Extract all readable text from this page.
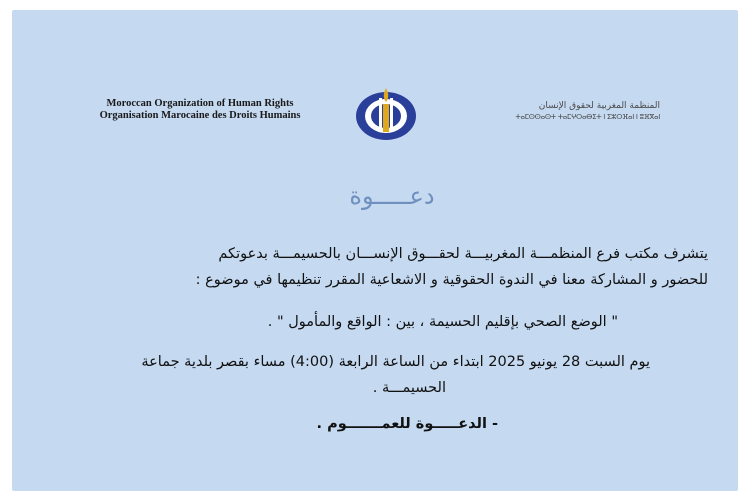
Moroccan Organization of Human Rights
Organisation Marocaine des Droits Humains
المنظمة المغربية لحقوق الإنسان
ⵜⴰⵎⵙⵙⴰⵙⵜ ⵜⴰⵎⵖⵔⴰⴱⵉⵜ ⵏ ⵉⵣⵔⴼⴰⵏ ⵏ ⵓⴼⴳⴰⵏ
دعـــــوة
يتشرف مكتب فرع المنظمـــة المغربيـــة لحقـــوق الإنســـان بالحسيمـــة بدعوتكم
للحضور و المشاركة معنا في الندوة الحقوقية و الاشعاعية المقرر تنظيمها في موضوع :
" الوضع الصحي بإقليم الحسيمة ، بين : الواقع والمأمول " .
يوم السبت 28 يونيو 2025 ابتداء من الساعة الرابعة (4:00) مساء بقصر بلدية جماعة
الحسيمـــة .
- الدعـــــوة للعمـــــــوم .
